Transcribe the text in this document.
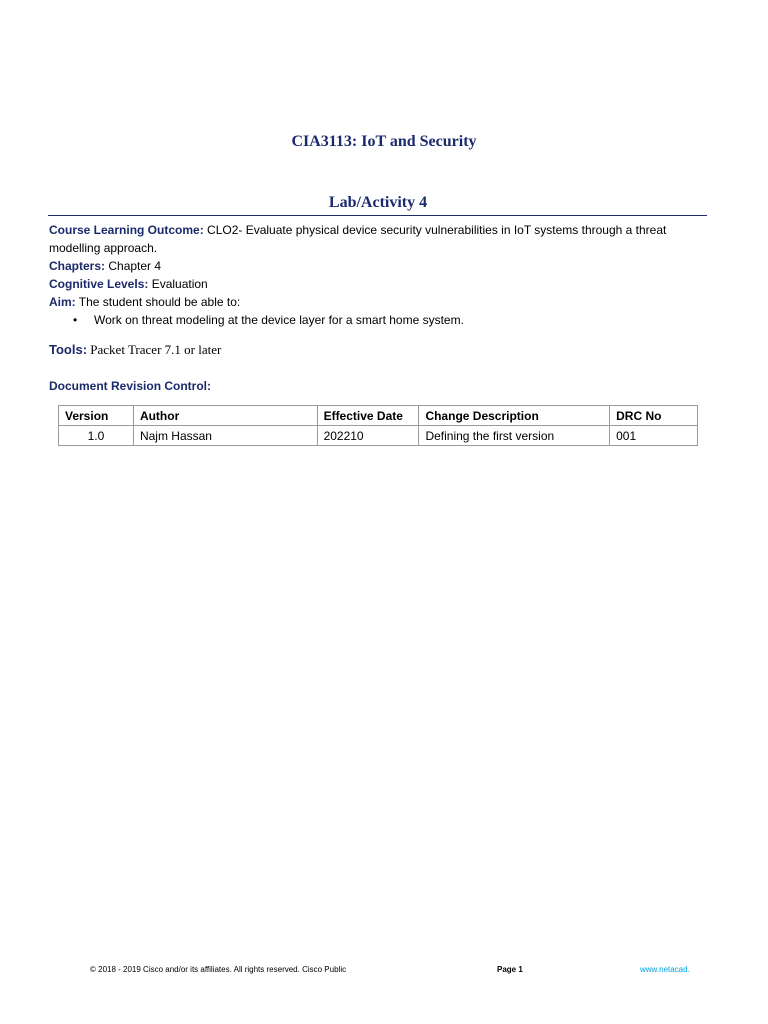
CIA3113: IoT and Security
Lab/Activity 4
Course Learning Outcome: CLO2- Evaluate physical device security vulnerabilities in IoT systems through a threat modelling approach.
Chapters: Chapter 4
Cognitive Levels: Evaluation
Aim: The student should be able to:
•	Work on threat modeling at the device layer for a smart home system.
Tools: Packet Tracer 7.1 or later
Document Revision Control:
Version	Author	Effective Date	Change Description	DRC No
1.0	Najm Hassan	202210	Defining the first version	001
© 2018 - 2019 Cisco and/or its affiliates. All rights reserved. Cisco Public	Page 1	www.netacad.
